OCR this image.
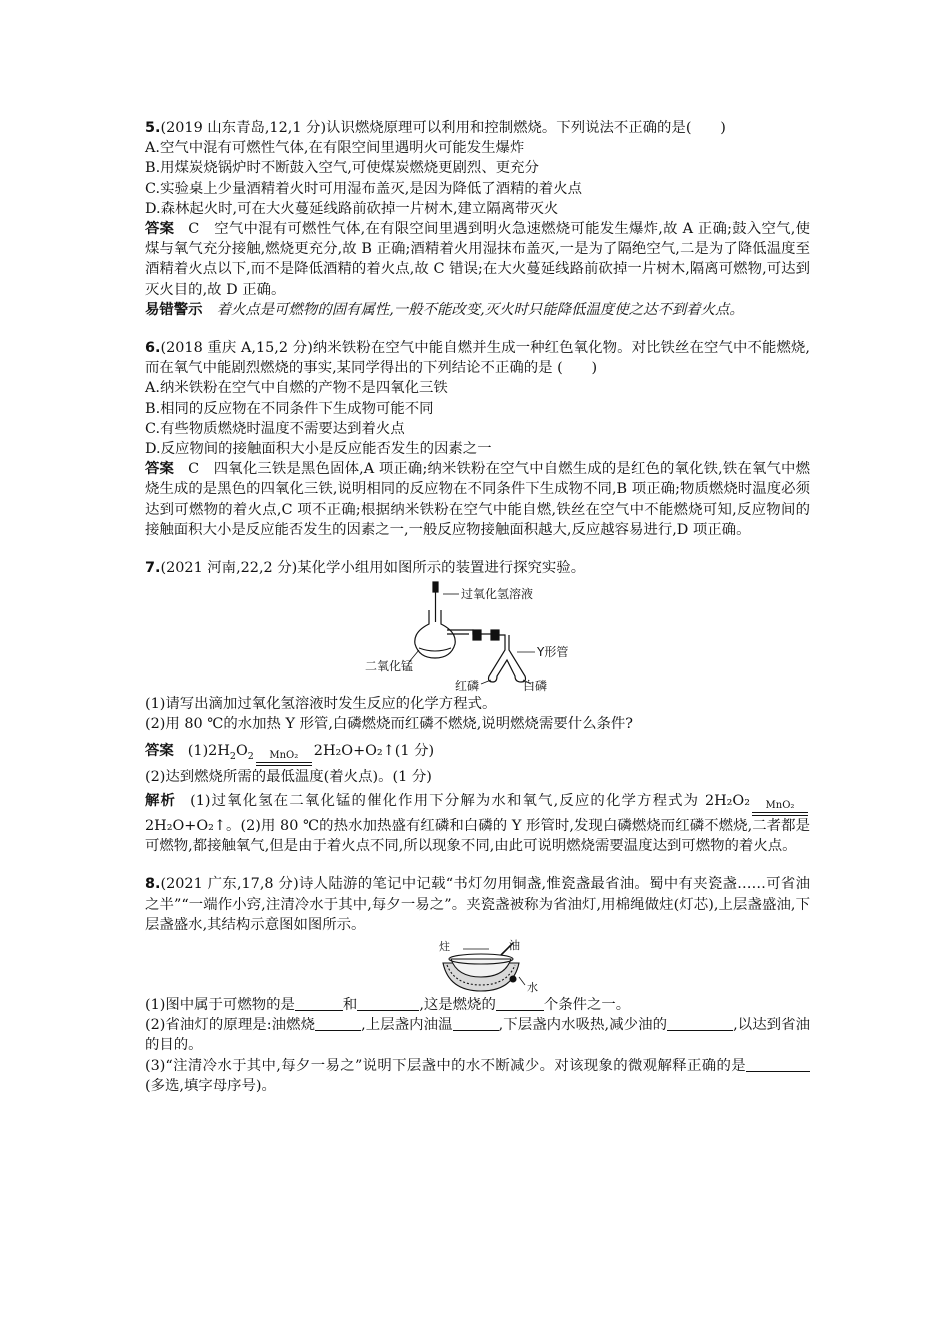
5.(2019 山东青岛,12,1 分)认识燃烧原理可以利用和控制燃烧。下列说法不正确的是(　　)
A.空气中混有可燃性气体,在有限空间里遇明火可能发生爆炸
B.用煤炭烧锅炉时不断鼓入空气,可使煤炭燃烧更剧烈、更充分
C.实验桌上少量酒精着火时可用湿布盖灭,是因为降低了酒精的着火点
D.森林起火时,可在大火蔓延线路前砍掉一片树木,建立隔离带灭火
答案 C　空气中混有可燃性气体,在有限空间里遇到明火急速燃烧可能发生爆炸,故 A 正确;鼓入空气,使煤与氧气充分接触,燃烧更充分,故 B 正确;酒精着火用湿抹布盖灭,一是为了隔绝空气,二是为了降低温度至酒精着火点以下,而不是降低酒精的着火点,故 C 错误;在大火蔓延线路前砍掉一片树木,隔离可燃物,可达到灭火目的,故 D 正确。
易错警示 着火点是可燃物的固有属性,一般不能改变,灭火时只能降低温度使之达不到着火点。
6.(2018 重庆 A,15,2 分)纳米铁粉在空气中能自燃并生成一种红色氧化物。对比铁丝在空气中不能燃烧,而在氧气中能剧烈燃烧的事实,某同学得出的下列结论不正确的是 (　　)
A.纳米铁粉在空气中自燃的产物不是四氧化三铁
B.相同的反应物在不同条件下生成物可能不同
C.有些物质燃烧时温度不需要达到着火点
D.反应物间的接触面积大小是反应能否发生的因素之一
答案 C　四氧化三铁是黑色固体,A 项正确;纳米铁粉在空气中自燃生成的是红色的氧化铁,铁在氧气中燃烧生成的是黑色的四氧化三铁,说明相同的反应物在不同条件下生成物不同,B 项正确;物质燃烧时温度必须达到可燃物的着火点,C 项不正确;根据纳米铁粉在空气中能自燃,铁丝在空气中不能燃烧可知,反应物间的接触面积大小是反应能否发生的因素之一,一般反应物接触面积越大,反应越容易进行,D 项正确。
7.(2021 河南,22,2 分)某化学小组用如图所示的装置进行探究实验。
过氧化氢溶液
二氧化锰
Y形管
红磷	白磷
(1)请写出滴加过氧化氢溶液时发生反应的化学方程式。
(2)用 80 ℃的水加热 Y 形管,白磷燃烧而红磷不燃烧,说明燃烧需要什么条件?
答案 $(1)2H_2O_2$	MnO₂	2H₂O+O₂↑(1 分)
(2)达到燃烧所需的最低温度(着火点)。(1 分)
解析 (1)过氧化氢在二氧化锰的催化作用下分解为水和氧气,反应的化学方程式为 2H₂O₂	MnO₂
2H₂O+O₂↑。(2)用 80 ℃的热水加热盛有红磷和白磷的 Y 形管时,发现白磷燃烧而红磷不燃烧,二者都是可燃物,都接触氧气,但是由于着火点不同,所以现象不同,由此可说明燃烧需要温度达到可燃物的着火点。
8.(2021 广东,17,8 分)诗人陆游的笔记中记载“书灯勿用铜盏,惟瓷盏最省油。蜀中有夹瓷盏……可省油之半”“一端作小窍,注清冷水于其中,每夕一易之”。夹瓷盏被称为省油灯,用棉绳做炷(灯芯),上层盏盛油,下层盏盛水,其结构示意图如图所示。
炷	油
水
(1)图中属于可燃物的是	和	,这是燃烧的	个条件之一。
(2)省油灯的原理是:油燃烧	,上层盏内油温	,下层盏内水吸热,减少油的	,以达到省油的目的。
(3)“注清冷水于其中,每夕一易之”说明下层盏中的水不断减少。对该现象的微观解释正确的是(多选,填字母序号)。
